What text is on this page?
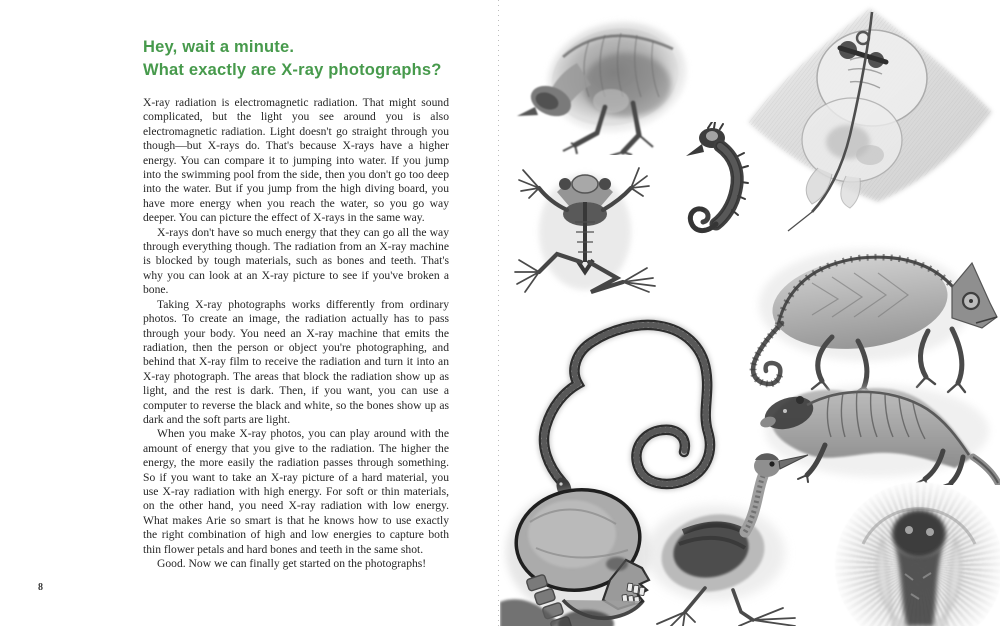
Hey, wait a minute.
What exactly are X-ray photographs?

X-ray radiation is electromagnetic radiation. That might sound complicated, but the light you see around you is also electromagnetic radiation. Light doesn't go straight through you though—but X-rays do. That's because X-rays have a higher energy. You can compare it to jumping into water. If you jump into the swimming pool from the side, then you don't go too deep into the water. But if you jump from the high diving board, you have more energy when you reach the water, so you go way deeper. You can picture the effect of X-rays in the same way.

X-rays don't have so much energy that they can go all the way through everything though. The radiation from an X-ray machine is blocked by tough materials, such as bones and teeth. That's why you can look at an X-ray picture to see if you've broken a bone.

Taking X-ray photographs works differently from ordinary photos. To create an image, the radiation actually has to pass through your body. You need an X-ray machine that emits the radiation, then the person or object you're photographing, and behind that X-ray film to receive the radiation and turn it into an X-ray photograph. The areas that block the radiation show up as light, and the rest is dark. Then, if you want, you can use a computer to reverse the black and white, so the bones show up as dark and the soft parts are light.

When you make X-ray photos, you can play around with the amount of energy that you give to the radiation. The higher the energy, the more easily the radiation passes through something. So if you want to take an X-ray picture of a hard material, you use X-ray radiation with high energy. For soft or thin materials, on the other hand, you need X-ray radiation with low energy. What makes Arie so smart is that he knows how to use exactly the right combination of high and low energies to capture both thin flower petals and hard bones and teeth in the same shot.

Good. Now we can finally get started on the photographs!

8
